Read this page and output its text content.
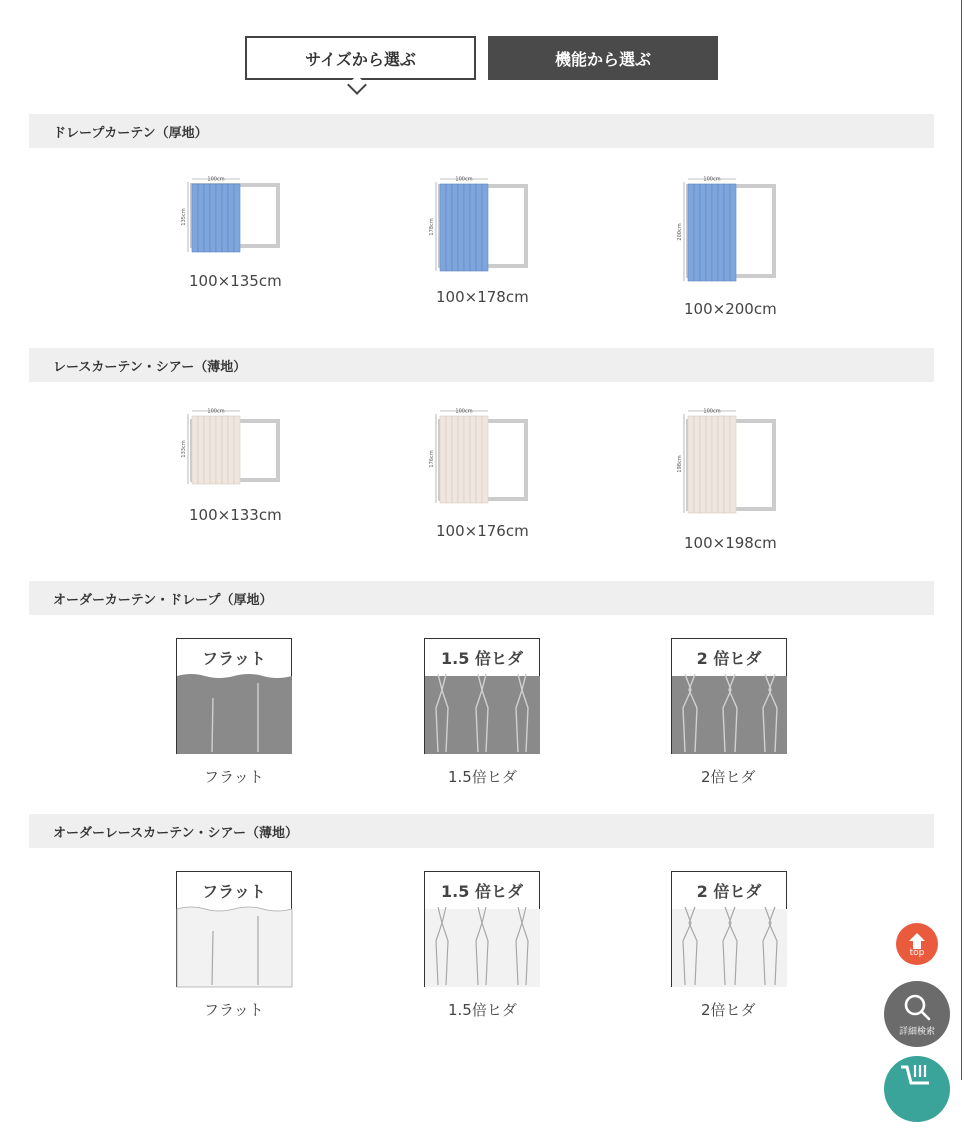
サイズから選ぶ	機能から選ぶ
ドレープカーテン（厚地）
100cm
135cm
100×135cm
100cm
178cm
100×178cm
100cm
200cm
100×200cm
レースカーテン・シアー（薄地）
100cm
133cm
100×133cm
100cm
176cm
100×176cm
100cm
198cm
100×198cm
オーダーカーテン・ドレープ（厚地）
フラット
フラット
1.5 倍ヒダ
1.5倍ヒダ
2 倍ヒダ
2倍ヒダ
オーダーレースカーテン・シアー（薄地）
フラット
フラット
1.5 倍ヒダ
1.5倍ヒダ
2 倍ヒダ
2倍ヒダ
top
詳細検索
